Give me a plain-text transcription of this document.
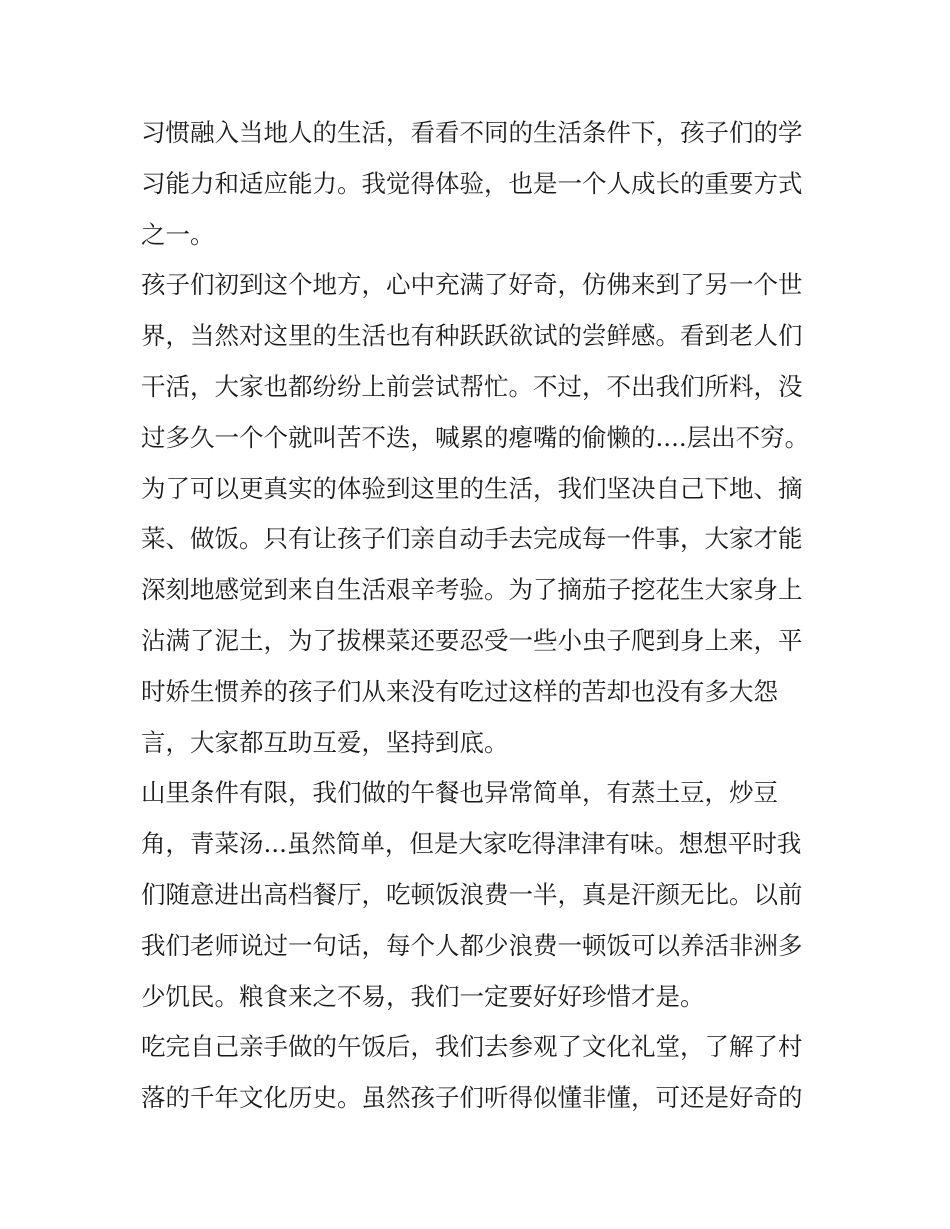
习惯融入当地人的生活，看看不同的生活条件下，孩子们的学
习能力和适应能力。我觉得体验，也是一个人成长的重要方式
之一。
孩子们初到这个地方，心中充满了好奇，仿佛来到了另一个世
界，当然对这里的生活也有种跃跃欲试的尝鲜感。看到老人们
干活，大家也都纷纷上前尝试帮忙。不过，不出我们所料，没
过多久一个个就叫苦不迭，喊累的瘪嘴的偷懒的....层出不穷。
为了可以更真实的体验到这里的生活，我们坚决自己下地、摘
菜、做饭。只有让孩子们亲自动手去完成每一件事，大家才能
深刻地感觉到来自生活艰辛考验。为了摘茄子挖花生大家身上
沾满了泥土，为了拔棵菜还要忍受一些小虫子爬到身上来，平
时娇生惯养的孩子们从来没有吃过这样的苦却也没有多大怨
言，大家都互助互爱，坚持到底。
山里条件有限，我们做的午餐也异常简单，有蒸土豆，炒豆
角，青菜汤...虽然简单，但是大家吃得津津有味。想想平时我
们随意进出高档餐厅，吃顿饭浪费一半，真是汗颜无比。以前
我们老师说过一句话，每个人都少浪费一顿饭可以养活非洲多
少饥民。粮食来之不易，我们一定要好好珍惜才是。
吃完自己亲手做的午饭后，我们去参观了文化礼堂，了解了村
落的千年文化历史。虽然孩子们听得似懂非懂，可还是好奇的
